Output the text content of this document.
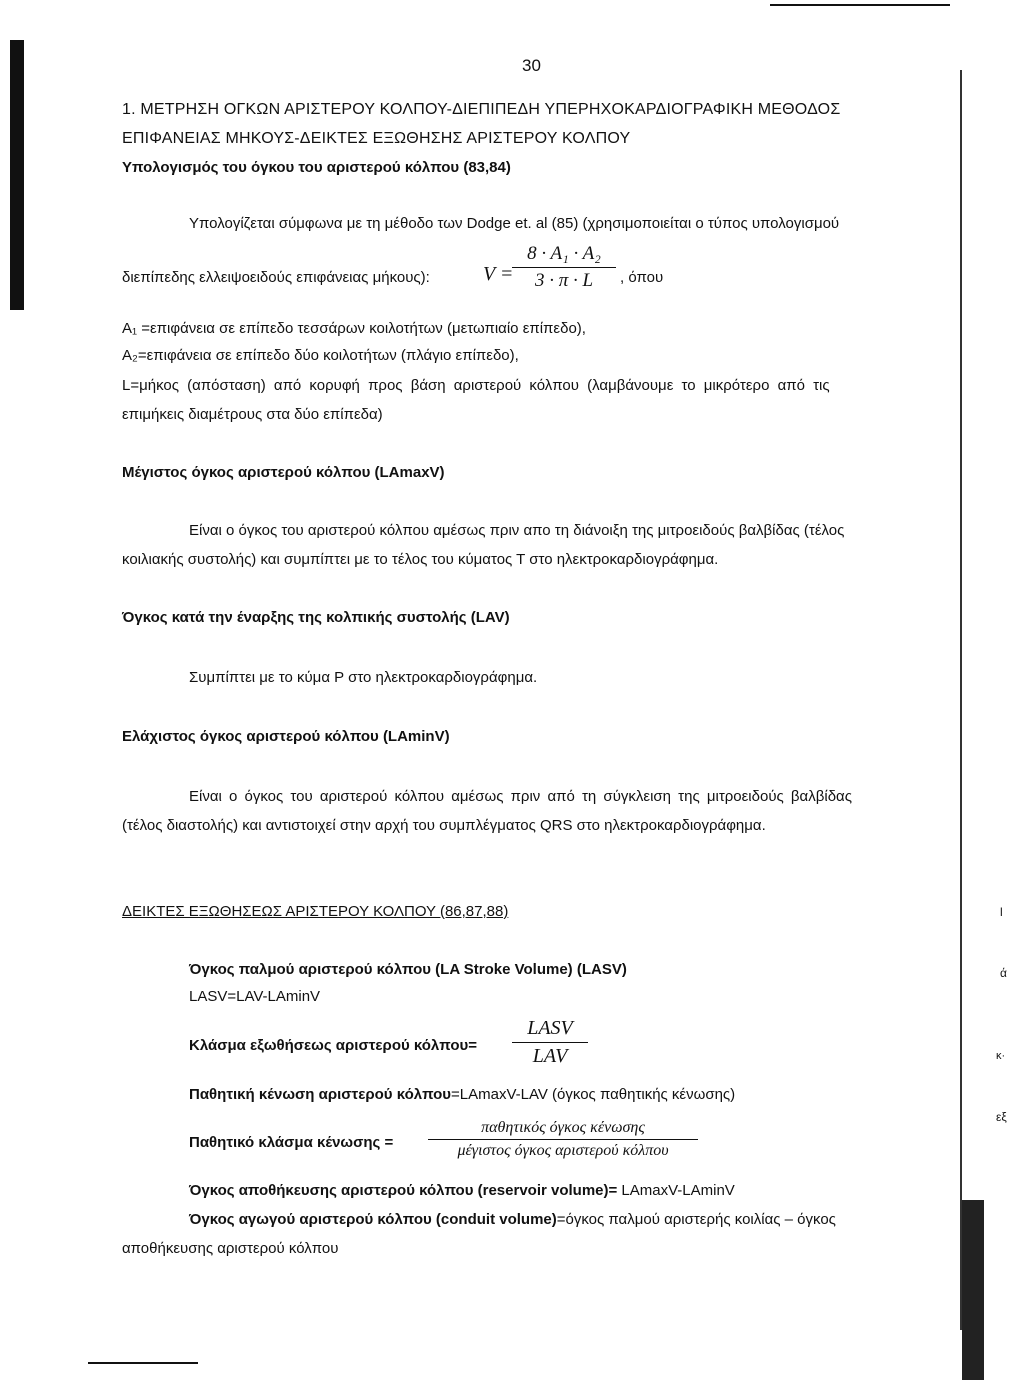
l
ά
κ·
εξ
30
1. ΜΕΤΡΗΣΗ ΟΓΚΩΝ ΑΡΙΣΤΕΡΟΥ ΚΟΛΠΟΥ-ΔΙΕΠΙΠΕΔΗ ΥΠΕΡΗΧΟΚΑΡΔΙΟΓΡΑΦΙΚΗ ΜΕΘΟΔΟΣ
ΕΠΙΦΑΝΕΙΑΣ ΜΗΚΟΥΣ-ΔΕΙΚΤΕΣ ΕΞΩΘΗΣΗΣ ΑΡΙΣΤΕΡΟΥ ΚΟΛΠΟΥ
Υπολογισμός του όγκου του αριστερού κόλπου (83,84)
Υπολογίζεται σύμφωνα με τη μέθοδο των Dodge et. al (85) (χρησιμοποιείται ο τύπος υπολογισμού
διεπίπεδης ελλειψοειδούς επιφάνειας μήκους):	V =
8 · A₁ · A₂
3 · π · L	, όπου
A₁ =επιφάνεια σε επίπεδο τεσσάρων κοιλοτήτων (μετωπιαίο επίπεδο),
A₂=επιφάνεια σε επίπεδο δύο κοιλοτήτων (πλάγιο επίπεδο),
L=μήκος (απόσταση) από κορυφή προς βάση αριστερού κόλπου (λαμβάνουμε το μικρότερο από τις
επιμήκεις διαμέτρους στα δύο επίπεδα)
Μέγιστος όγκος αριστερού κόλπου (LAmaxV)
Είναι ο όγκος του αριστερού κόλπου αμέσως πριν απο τη διάνοιξη της μιτροειδούς βαλβίδας (τέλος
κοιλιακής συστολής) και συμπίπτει με το τέλος του κύματος Τ στο ηλεκτροκαρδιογράφημα.
Όγκος κατά την έναρξης της κολπικής συστολής (LAV)
Συμπίπτει με το κύμα Ρ στο ηλεκτροκαρδιογράφημα.
Ελάχιστος όγκος αριστερού κόλπου (LAminV)
Είναι ο όγκος του αριστερού κόλπου αμέσως πριν από τη σύγκλειση της μιτροειδούς βαλβίδας
(τέλος διαστολής) και αντιστοιχεί στην αρχή του συμπλέγματος QRS στο ηλεκτροκαρδιογράφημα.
ΔΕΙΚΤΕΣ ΕΞΩΘΗΣΕΩΣ ΑΡΙΣΤΕΡΟΥ ΚΟΛΠΟΥ (86,87,88)
Όγκος παλμού αριστερού κόλπου (LA Stroke Volume) (LASV)
LASV=LAV-LAminV
Κλάσμα εξωθήσεως αριστερού κόλπου=
LASV
LAV
Παθητική κένωση αριστερού κόλπου=LAmaxV-LAV (όγκος παθητικής κένωσης)
Παθητικό κλάσμα κένωσης =
παθητικός όγκος κένωσης
μέγιστος όγκος αριστερού κόλπου
Όγκος αποθήκευσης αριστερού κόλπου (reservoir volume)= LAmaxV-LAminV
Όγκος αγωγού αριστερού κόλπου (conduit volume)=όγκος παλμού αριστερής κοιλίας – όγκος
αποθήκευσης αριστερού κόλπου
